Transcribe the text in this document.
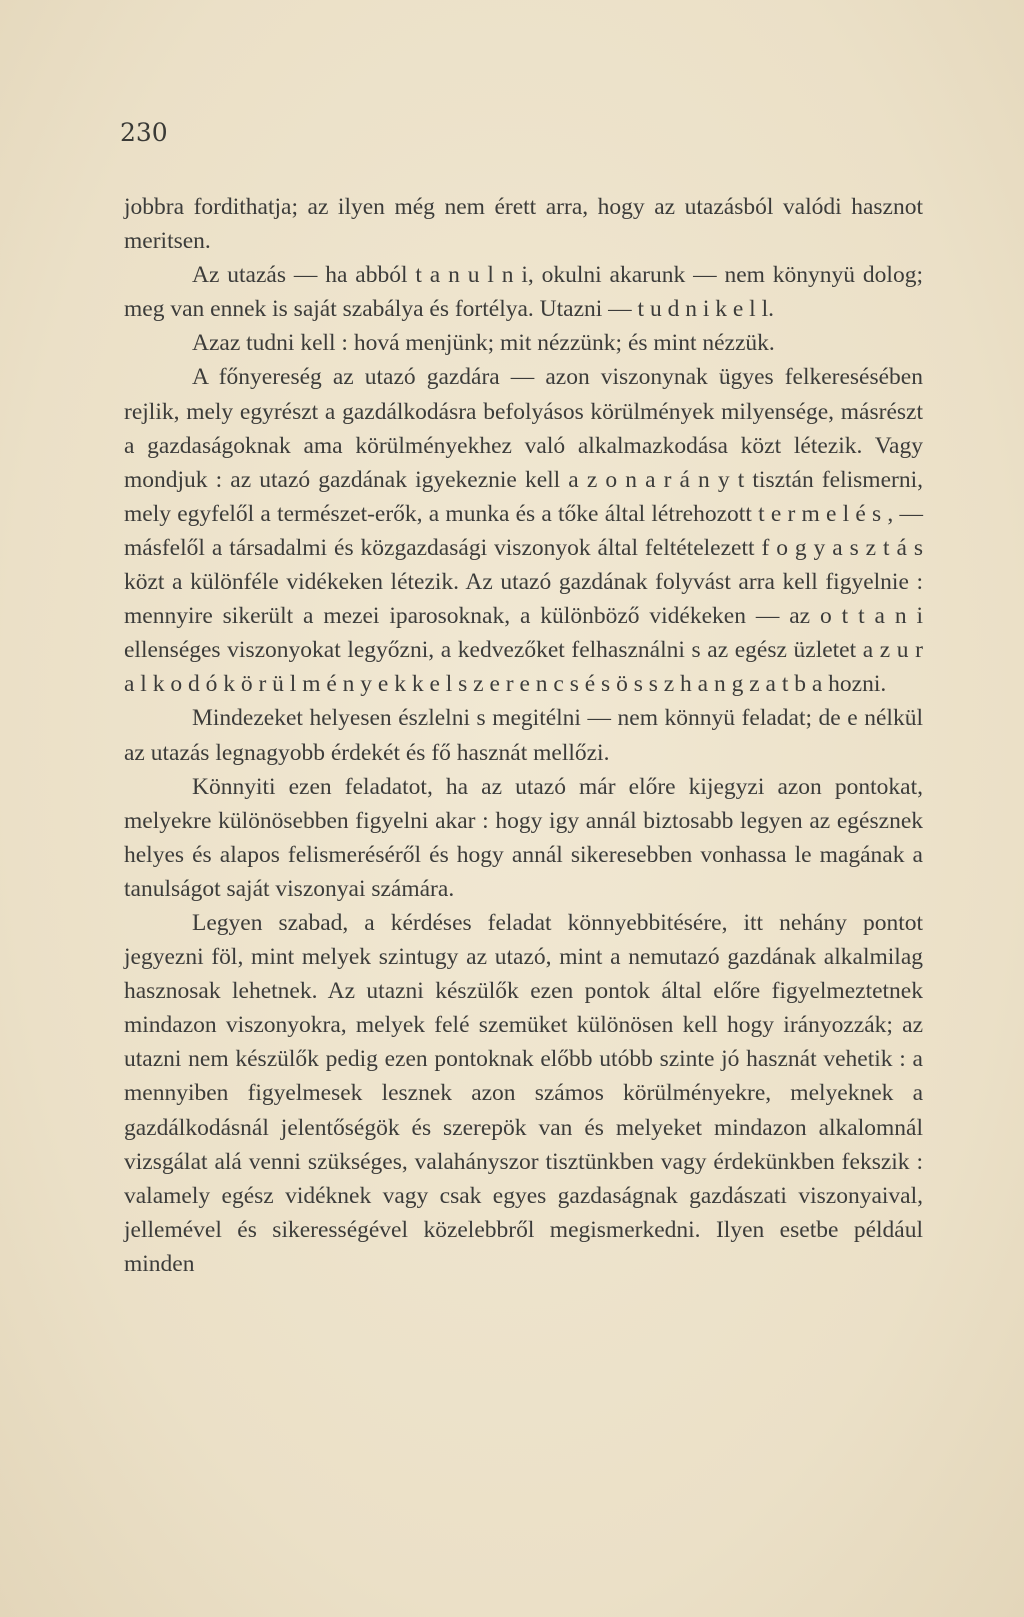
230

jobbra fordithatja; az ilyen még nem érett arra, hogy az utazásból valódi hasznot meritsen.

Az utazás — ha abból t a n u l n i, okulni akarunk — nem könynyü dolog; meg van ennek is saját szabálya és fortélya. Utazni — t u d n i k e l l.

Azaz tudni kell : hová menjünk; mit nézzünk; és mint nézzük.

A főnyereség az utazó gazdára — azon viszonynak ügyes felkeresésében rejlik, mely egyrészt a gazdálkodásra befolyásos körülmények milyensége, másrészt a gazdaságoknak ama körülményekhez való alkalmazkodása közt létezik. Vagy mondjuk : az utazó gazdának igyekeznie kell a z o n a r á n y t tisztán felismerni, mely egyfelől a természet-erők, a munka és a tőke által létrehozott t e r m e l é s , — másfelől a társadalmi és közgazdasági viszonyok által feltételezett f o g y a s z t á s közt a különféle vidékeken létezik. Az utazó gazdának folyvást arra kell figyelnie : mennyire sikerült a mezei iparosoknak, a különböző vidékeken — az o t t a n i ellenséges viszonyokat legyőzni, a kedvezőket felhasználni s az egész üzletet a z u r a l k o d ó k ö r ü l m é n y e k k e l s z e r e n c s é s ö s s z h a n g z a t b a hozni.

Mindezeket helyesen észlelni s megitélni — nem könnyü feladat; de e nélkül az utazás legnagyobb érdekét és fő hasznát mellőzi.

Könnyiti ezen feladatot, ha az utazó már előre kijegyzi azon pontokat, melyekre különösebben figyelni akar : hogy igy annál biztosabb legyen az egésznek helyes és alapos felismeréséről és hogy annál sikeresebben vonhassa le magának a tanulságot saját viszonyai számára.

Legyen szabad, a kérdéses feladat könnyebbitésére, itt nehány pontot jegyezni föl, mint melyek szintugy az utazó, mint a nemutazó gazdának alkalmilag hasznosak lehetnek. Az utazni készülők ezen pontok által előre figyelmeztetnek mindazon viszonyokra, melyek felé szemüket különösen kell hogy irányozzák; az utazni nem készülők pedig ezen pontoknak előbb utóbb szinte jó hasznát vehetik : a mennyiben figyelmesek lesznek azon számos körülményekre, melyeknek a gazdálkodásnál jelentőségök és szerepök van és melyeket mindazon alkalomnál vizsgálat alá venni szükséges, valahányszor tisztünkben vagy érdekünkben fekszik : valamely egész vidéknek vagy csak egyes gazdaságnak gazdászati viszonyaival, jellemével és sikerességével közelebbről megismerkedni. Ilyen esetbe például minden
